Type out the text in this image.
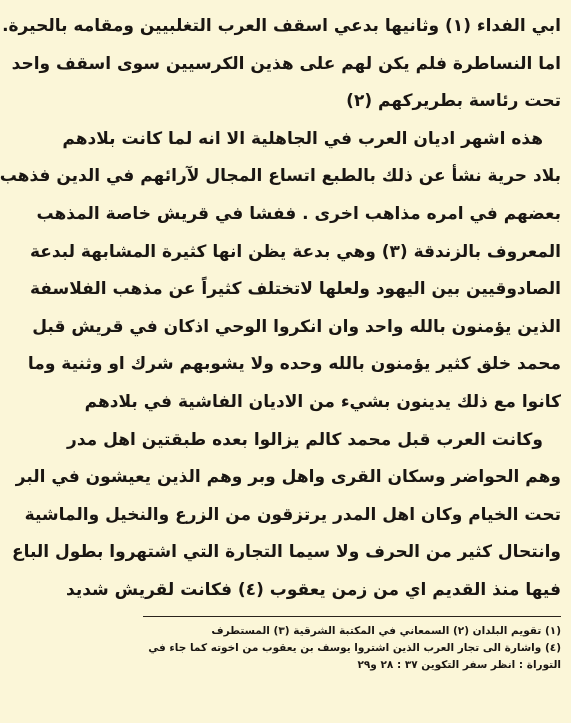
ابي الفداء (١) وثانيها بدعي اسقف العرب التغلبيين ومقامه بالحيرة.
اما النساطرة فلم يكن لهم على هذين الكرسيين سوى اسقف واحد
تحت رئاسة بطريركهم (٢)
هذه اشهر اديان العرب في الجاهلية الا انه لما كانت بلادهم
بلاد حرية نشأ عن ذلك بالطبع اتساع المجال لآرائهم في الدين فذهب
بعضهم في امره مذاهب اخرى . ففشا في قريش خاصة المذهب
المعروف بالزندقة (٣) وهي بدعة يظن انها كثيرة المشابهة لبدعة
الصادوقيين بين اليهود ولعلها لاتختلف كثيراً عن مذهب الفلاسفة
الذين يؤمنون بالله واحد وان انكروا الوحي اذكان في قريش قبل
محمد خلق كثير يؤمنون بالله وحده ولا يشوبهم شرك او وثنية وما
كانوا مع ذلك يدينون بشيء من الاديان الفاشية في بلادهم
وكانت العرب قبل محمد كالم يزالوا بعده طبقتين اهل مدر
وهم الحواضر وسكان القرى واهل وبر وهم الذين يعيشون في البر
تحت الخيام وكان اهل المدر يرتزقون من الزرع والنخيل والماشية
وانتحال كثير من الحرف ولا سيما التجارة التي اشتهروا بطول الباع
فيها منذ القديم اي من زمن يعقوب (٤) فكانت لقريش شديد
(١) تقويم البلدان (٢) السمعاني في المكتبة الشرقية (٣) المستطرف
(٤) واشارة الى تجار العرب الذين اشتروا يوسف بن يعقوب من اخوته كما جاء في
التوراة : انظر سفر التكوين ٣٧ : ٢٨ و٢٩
